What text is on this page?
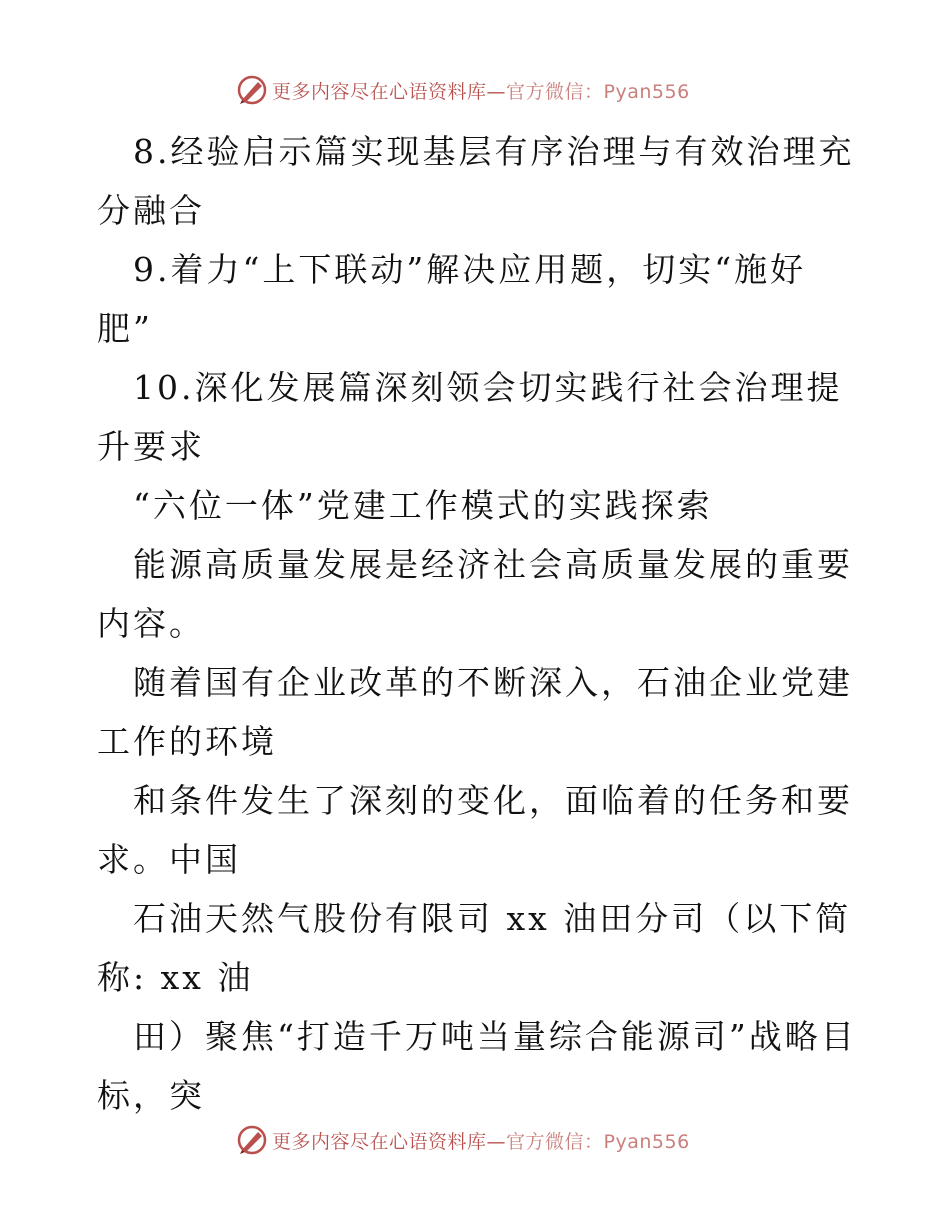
更多内容尽在心语资料库—官方微信：Pyan556

8.经验启示篇实现基层有序治理与有效治理充分融合

9.着力“上下联动”解决应用题，切实“施好肥”

10.深化发展篇深刻领会切实践行社会治理提升要求

“六位一体”党建工作模式的实践探索

能源高质量发展是经济社会高质量发展的重要内容。

随着国有企业改革的不断深入，石油企业党建工作的环境

和条件发生了深刻的变化，面临着的任务和要求。中国

石油天然气股份有限司 xx 油田分司（以下简称: xx 油

田）聚焦“打造千万吨当量综合能源司”战略目标，突

更多内容尽在心语资料库—官方微信：Pyan556
